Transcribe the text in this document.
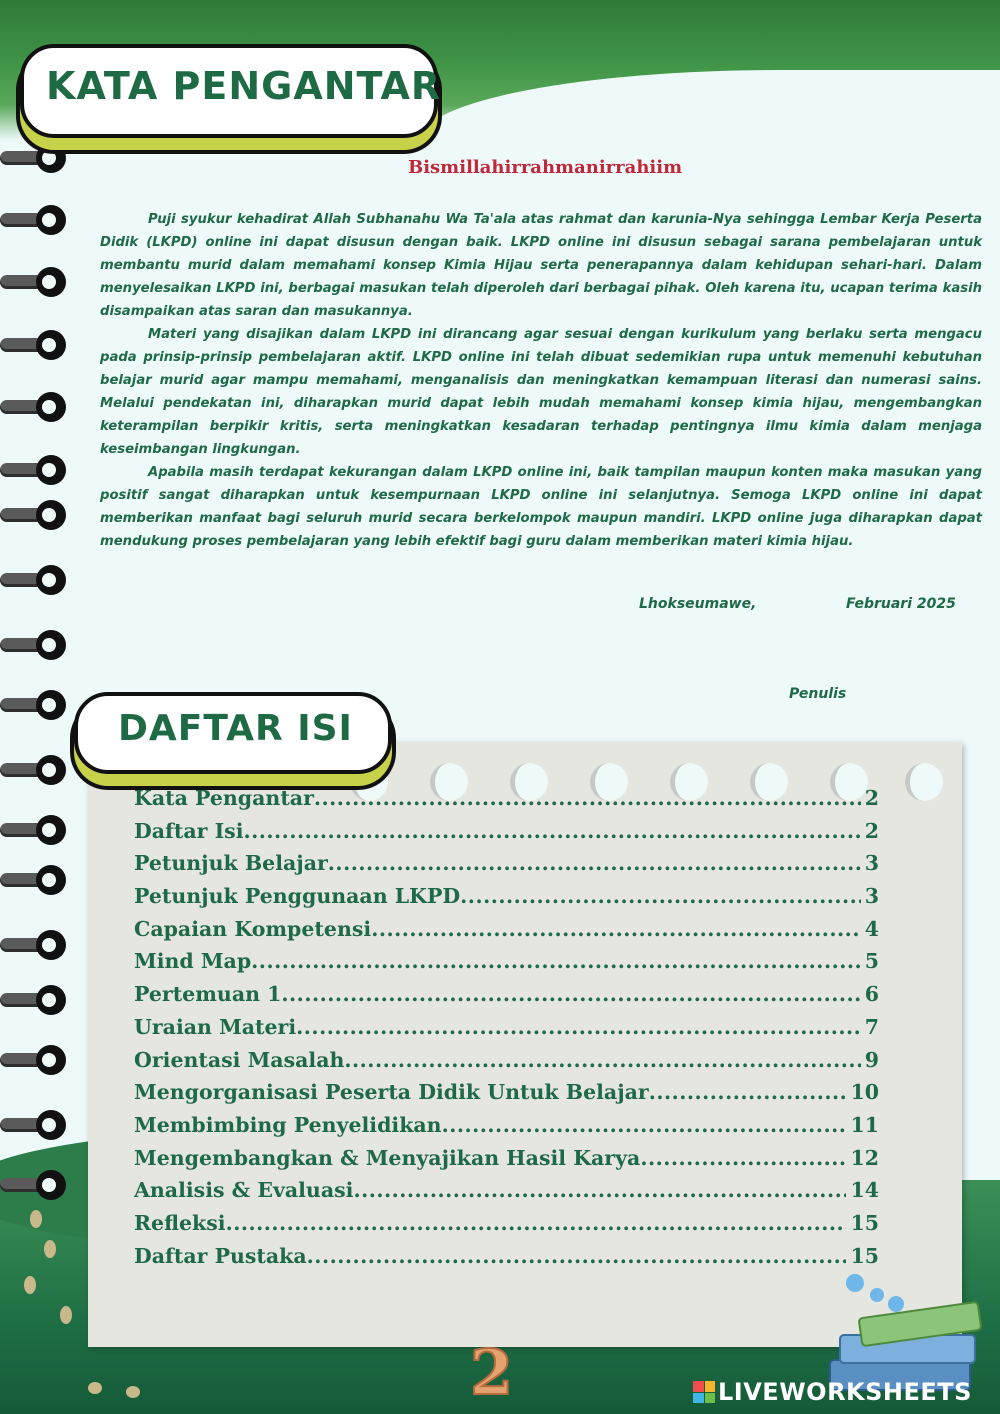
KATA PENGANTAR
Bismillahirrahmanirrahiim

Puji syukur kehadirat Allah Subhanahu Wa Ta'ala atas rahmat dan karunia-Nya sehingga Lembar Kerja Peserta Didik (LKPD) online ini dapat disusun dengan baik. LKPD online ini disusun sebagai sarana pembelajaran untuk membantu murid dalam memahami konsep Kimia Hijau serta penerapannya dalam kehidupan sehari-hari. Dalam menyelesaikan LKPD ini, berbagai masukan telah diperoleh dari berbagai pihak. Oleh karena itu, ucapan terima kasih disampaikan atas saran dan masukannya.

Materi yang disajikan dalam LKPD ini dirancang agar sesuai dengan kurikulum yang berlaku serta mengacu pada prinsip-prinsip pembelajaran aktif. LKPD online ini telah dibuat sedemikian rupa untuk memenuhi kebutuhan belajar murid agar mampu memahami, menganalisis dan meningkatkan kemampuan literasi dan numerasi sains. Melalui pendekatan ini, diharapkan murid dapat lebih mudah memahami konsep kimia hijau, mengembangkan keterampilan berpikir kritis, serta meningkatkan kesadaran terhadap pentingnya ilmu kimia dalam menjaga keseimbangan lingkungan.

Apabila masih terdapat kekurangan dalam LKPD online ini, baik tampilan maupun konten maka masukan yang positif sangat diharapkan untuk kesempurnaan LKPD online ini selanjutnya. Semoga LKPD online ini dapat memberikan manfaat bagi seluruh murid secara berkelompok maupun mandiri. LKPD online juga diharapkan dapat mendukung proses pembelajaran yang lebih efektif bagi guru dalam memberikan materi kimia hijau.

Lhokseumawe,	Februari 2025
Penulis
DAFTAR ISI
Kata Pengantar .....	2
Daftar Isi .....	2
Petunjuk Belajar .....	3
Petunjuk Penggunaan LKPD .....	3
Capaian Kompetensi .....	4
Mind Map .....	5
Pertemuan 1 .....	6
Uraian Materi .....	7
Orientasi Masalah .....	9
Mengorganisasi Peserta Didik Untuk Belajar .....	10
Membimbing Penyelidikan .....	11
Mengembangkan & Menyajikan Hasil Karya .....	12
Analisis & Evaluasi .....	14
Refleksi .....	15
Daftar Pustaka .....	15
2	LIVEWORKSHEETS
